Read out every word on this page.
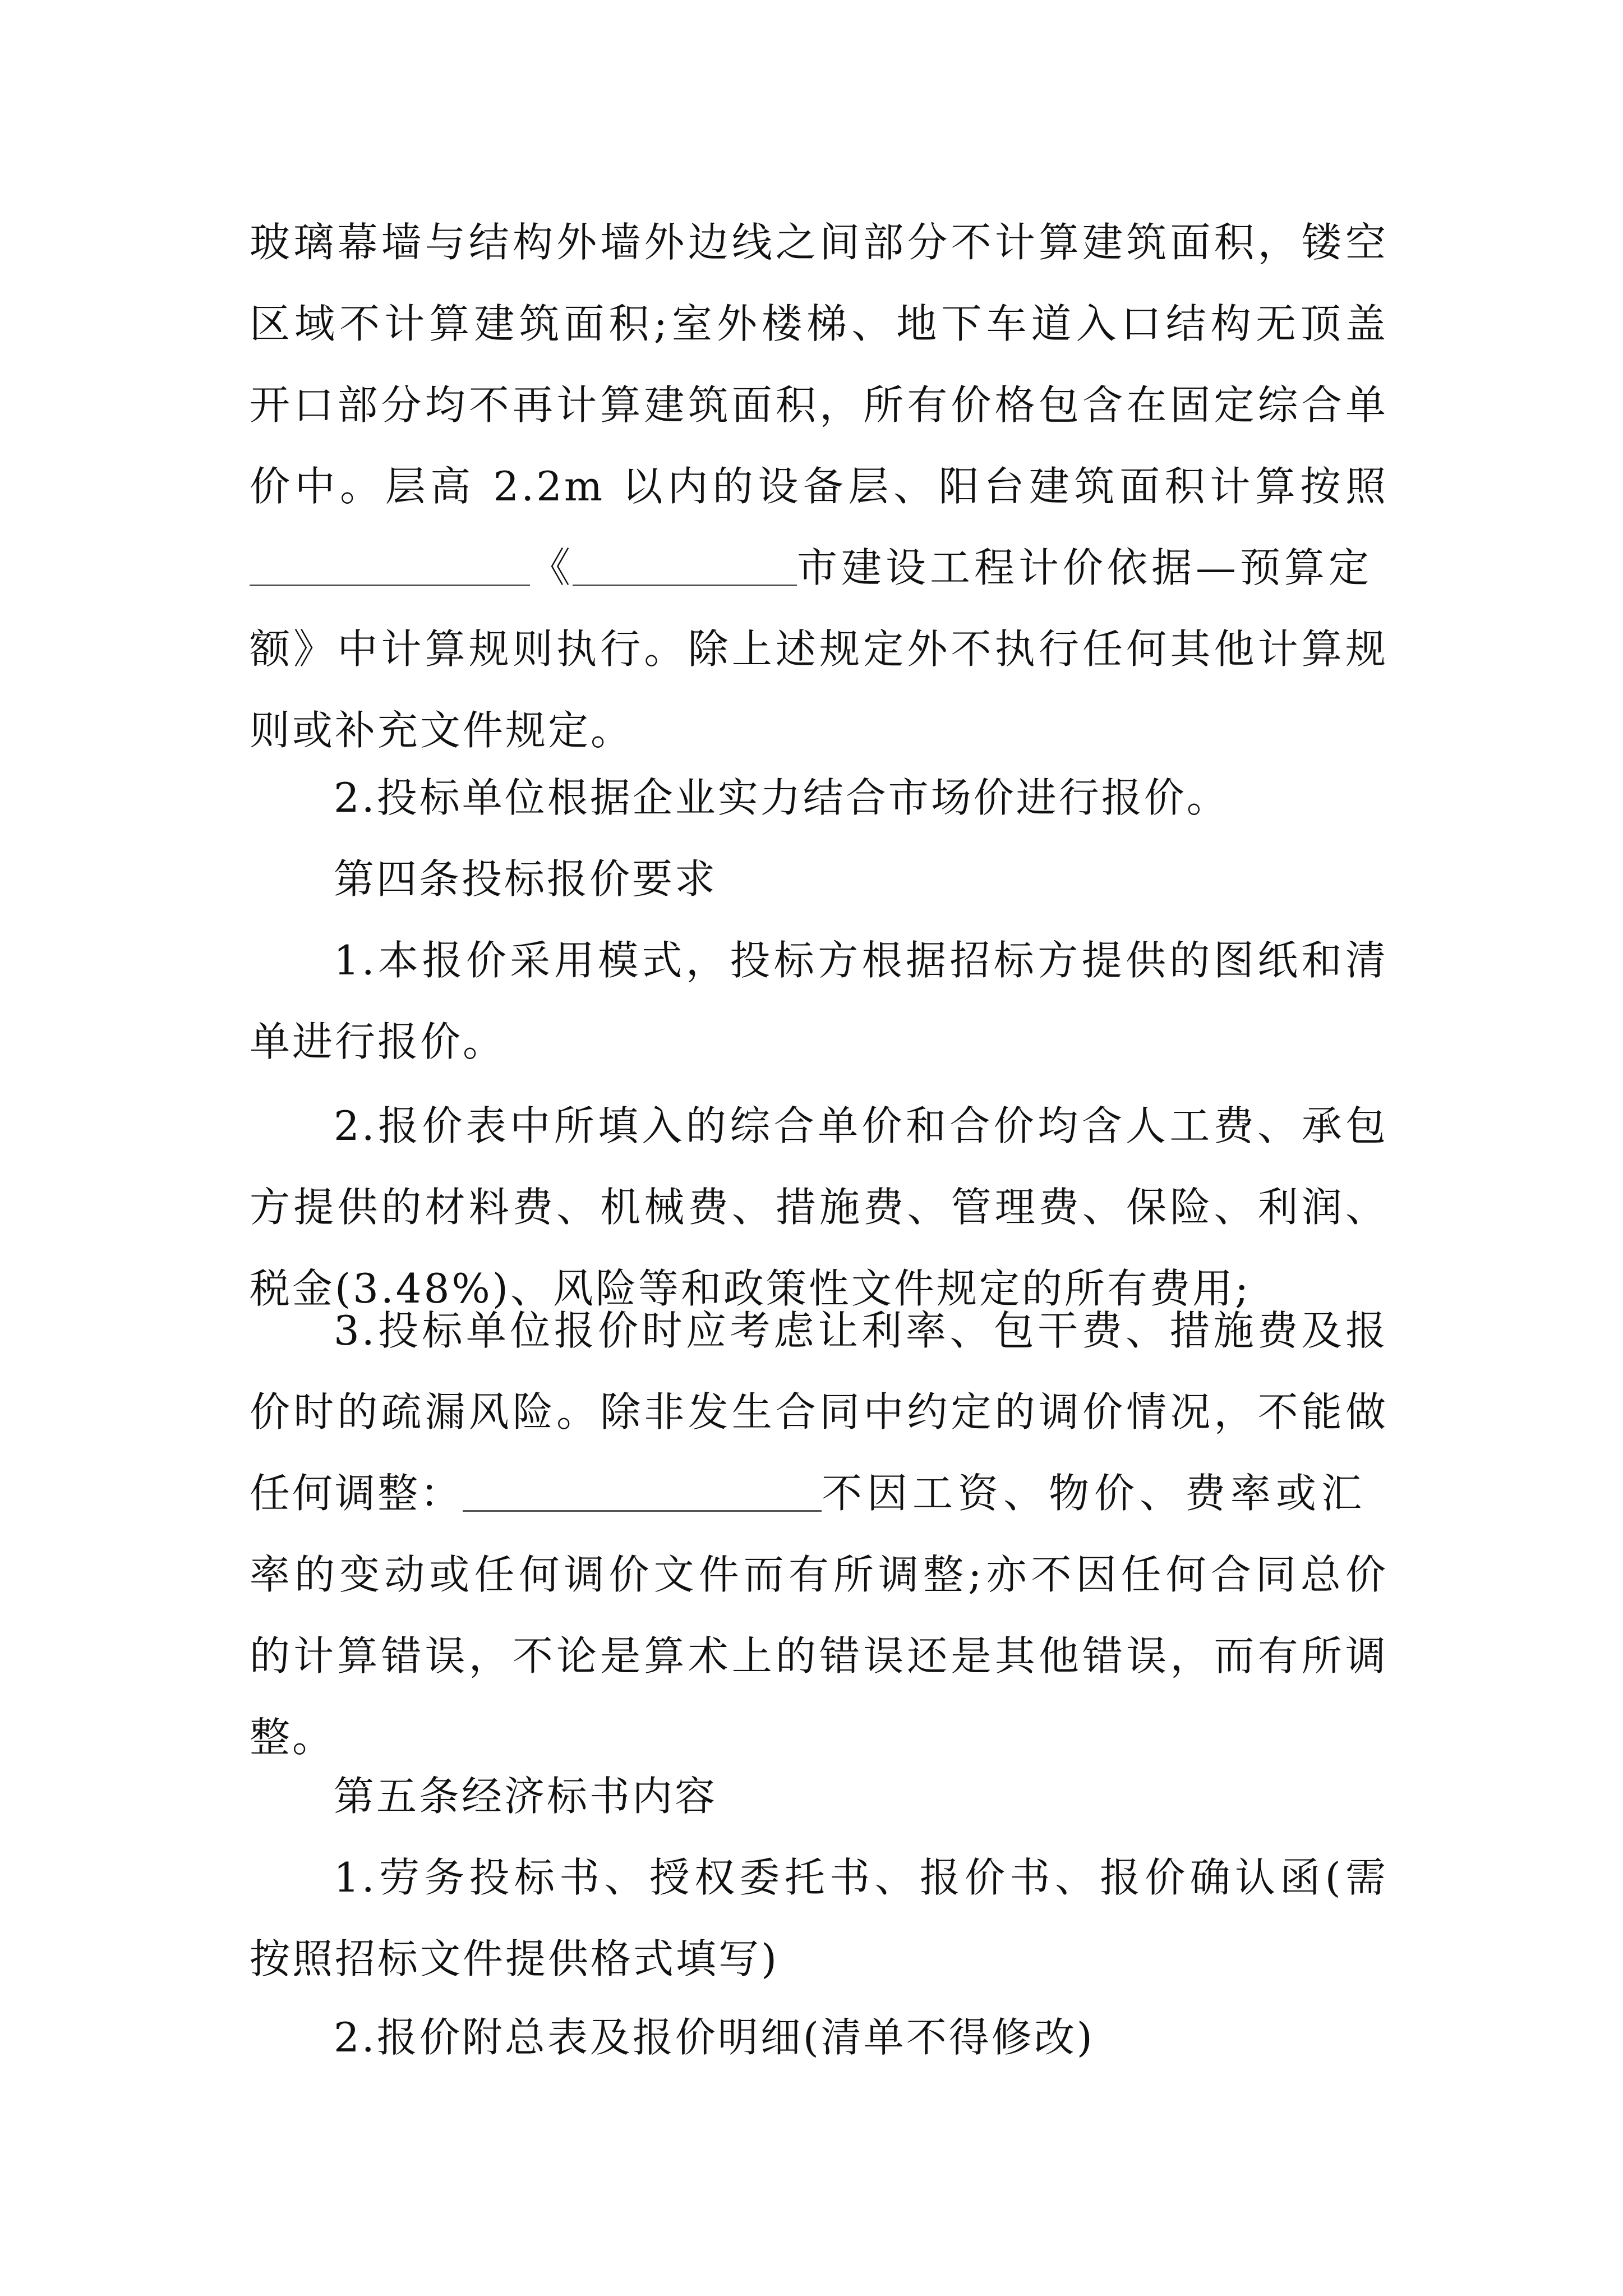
玻璃幕墙与结构外墙外边线之间部分不计算建筑面积，镂空
区域不计算建筑面积;室外楼梯、地下车道入口结构无顶盖
开口部分均不再计算建筑面积，所有价格包含在固定综合单
价中。层高 2.2m 以内的设备层、阳台建筑面积计算按照
《	市建设工程计价依据—预算定
额》中计算规则执行。除上述规定外不执行任何其他计算规
则或补充文件规定。
2.投标单位根据企业实力结合市场价进行报价。
第四条投标报价要求
1.本报价采用模式，投标方根据招标方提供的图纸和清
单进行报价。
2.报价表中所填入的综合单价和合价均含人工费、承包
方提供的材料费、机械费、措施费、管理费、保险、利润、
税金(3.48%)、风险等和政策性文件规定的所有费用;
3.投标单位报价时应考虑让利率、包干费、措施费及报
价时的疏漏风险。除非发生合同中约定的调价情况，不能做
任何调整：	不因工资、物价、费率或汇
率的变动或任何调价文件而有所调整;亦不因任何合同总价
的计算错误，不论是算术上的错误还是其他错误，而有所调
整。
第五条经济标书内容
1.劳务投标书、授权委托书、报价书、报价确认函(需
按照招标文件提供格式填写)
2.报价附总表及报价明细(清单不得修改)
